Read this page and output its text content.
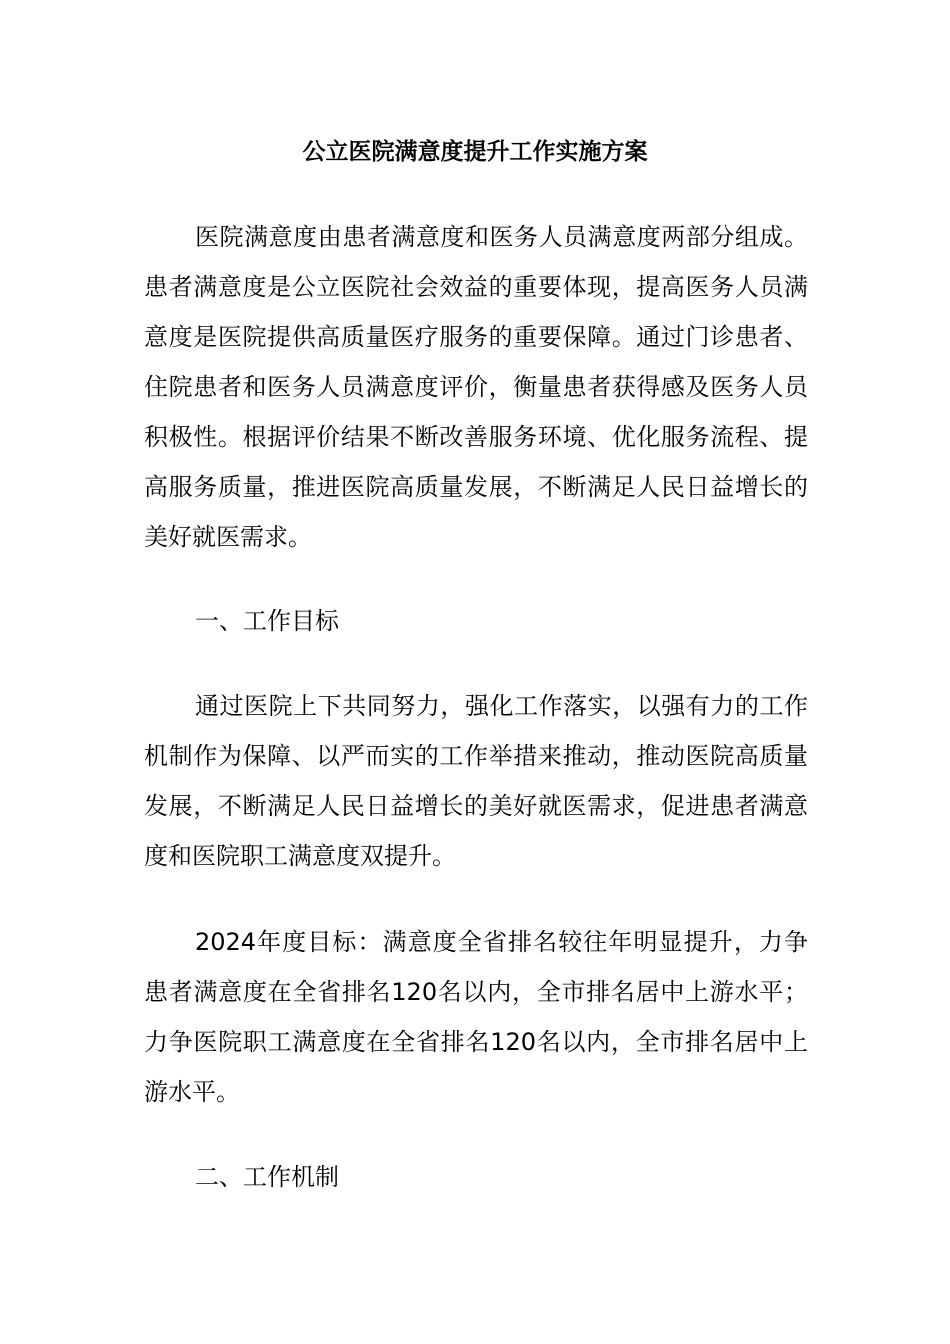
公立医院满意度提升工作实施方案

医院满意度由患者满意度和医务人员满意度两部分组成。患者满意度是公立医院社会效益的重要体现，提高医务人员满意度是医院提供高质量医疗服务的重要保障。通过门诊患者、住院患者和医务人员满意度评价，衡量患者获得感及医务人员积极性。根据评价结果不断改善服务环境、优化服务流程、提高服务质量，推进医院高质量发展，不断满足人民日益增长的美好就医需求。

一、工作目标

通过医院上下共同努力，强化工作落实，以强有力的工作机制作为保障、以严而实的工作举措来推动，推动医院高质量发展，不断满足人民日益增长的美好就医需求，促进患者满意度和医院职工满意度双提升。

2024年度目标：满意度全省排名较往年明显提升，力争患者满意度在全省排名120名以内，全市排名居中上游水平；力争医院职工满意度在全省排名120名以内，全市排名居中上游水平。

二、工作机制
